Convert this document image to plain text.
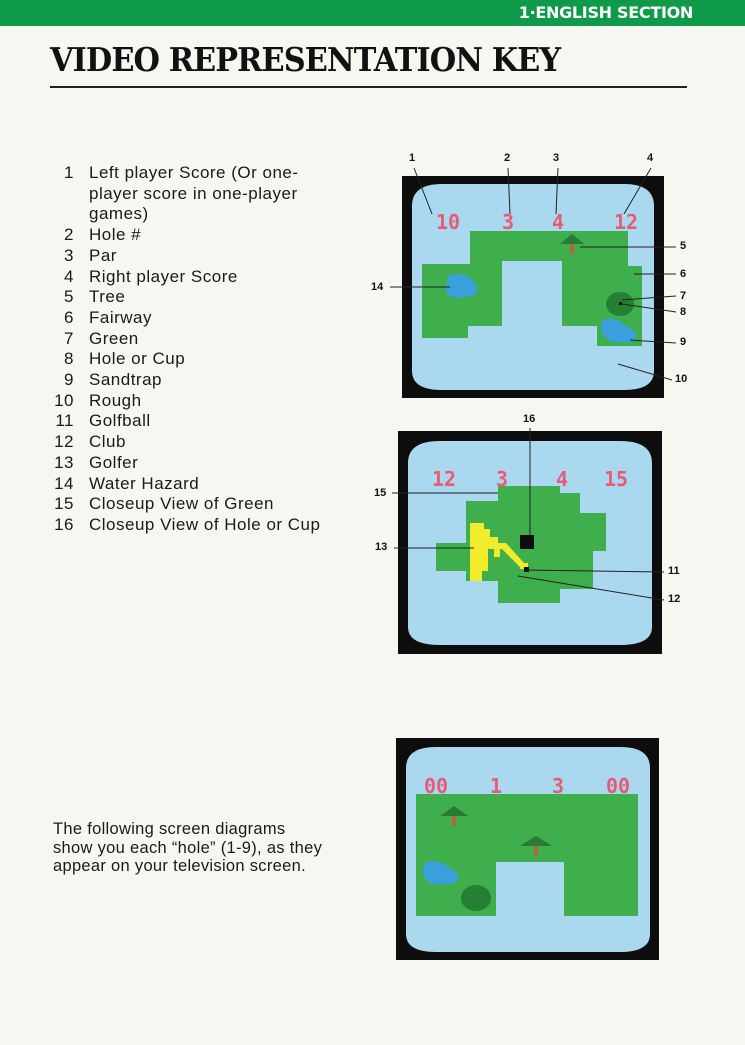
1·ENGLISH SECTION
VIDEO REPRESENTATION KEY
1 Left player Score (Or one-player score in one-player games)
2 Hole #
3 Par
4 Right player Score
5 Tree
6 Fairway
7 Green
8 Hole or Cup
9 Sandtrap
10 Rough
11 Golfball
12 Club
13 Golfer
14 Water Hazard
15 Closeup View of Green
16 Closeup View of Hole or Cup
10 3 4 12
12 3 4 15
00 1 3 00
1	2	3	4
5
6
7
8
9
10
14
16
15
13
11
12
The following screen diagrams show you each “hole” (1-9), as they appear on your television screen.
